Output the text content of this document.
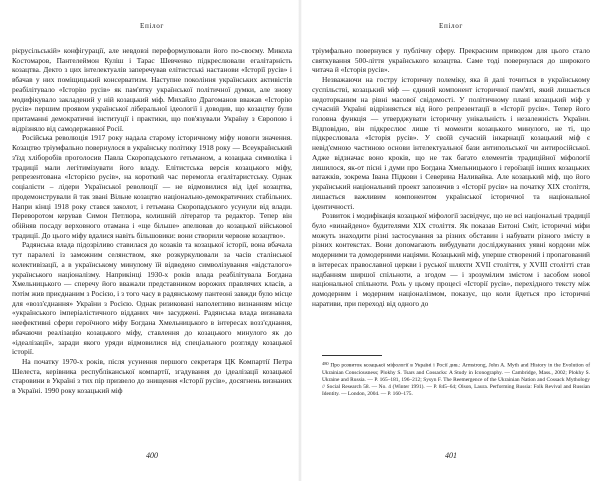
Епілог

рієрусільській» конфігурації, але невдовзі переформулювали його по-своєму. Микола Костомаров, Пантелеймон Куліш і Тарас Шевченко підкреслювали егалітарність козацтва. Декто з цих інтелектуалів заперечував елітистські настанови «Історії русів» і вбачав у них поміщицький консерватизм. Наступне покоління українських активістів реабілітувало «Історію русів» як пам'ятку української політичної думки, але зновy модифікувало закладений у ній козацький міф. Михайло Драгоманов вважав «Історію русів» першим проявом української ліберальної ідеології і доводив, що козацтву були притаманні демократичні інституції і практики, що пов'язували Україну з Європою і відрізняло від самодержавної Росії.

Російська революція 1917 року надала старому історичному міфу новоги значення. Козацтво тріумфально повернулося в українську політику 1918 року — Всеукраїнський з'їзд хліборобів проголосив Павла Скоропадського гетьманом, а козацька символіка і традиції мали легітимізувати його владу. Елітистська версія козацького міфу, репрезентована «Історією русів», на короткий час перемогла егалітаристську. Однак соціалісти – лідери Української революції — не відмовилися від ідеї козацтва, продемонстрували й так звані Вільне козацтво національно-демократичних стабільних. Напри кінці 1918 року стався заколот, і гетьмана Скоропадського усунули від влади. Переворотом керував Симон Петлюра, колишній літератор та редактор. Тепер він обійняв посаду верховного отамана і «ще більше» апелював до козацької військової традиції. До цього міфу вдалися навіть більшовики: вони створили червоне козацтво».

Радянська влада підозріливо ставилася до козаків та козацької історії, вона вбачала тут паралелі із заможним селянством, яке розкуркулювали за часів сталінської колективізації, а в українському минулому їй відведено символізування «відсталого» українського націоналізму. Наприкінці 1930-х років влада реабілітувала Богдана Хмельницького — сперечу його вважали представником ворожих правлячих класів, а потім жив приєднаним з Росією, і з того часу в радянському пантеоні завжди було місце для «возз'єднання» України з Росією. Однак ризиковані наполегливо визнанням місце «українського імперіалістичного відданих чи» засуджені. Радянська влада визнавала неефективні сфери героїчного міфу Богдана Хмельницького в інтересах возз'єднання, вбачаючи реалізацію козацького міфу, ставлення до козацького минулого як до «ідеалізації», заради якого уряди відмовилися від спеціального розгляду козацької історії.

На початку 1970-х років, після усунення першого секретаря ЦК Компартії Петра Шелеста, керівника республіканської компартії, згадування до ідеалізації козацької старовини в Україні з тих пір призвело до знищення «Історії русів», досягнень визнаних в Україні. 1990 року козацький міф

400
Епілог

тріумфально повернувся у публічну сферу. Прекрасним приводом для цього стало святкування 500-ліття українського козацтва. Саме тоді повернулася до широкого читача й «Історія русів».

Незважаючи на гостру історичну полеміку, яка й далі точиться в українському суспільстві, козацький міф — єдиний компонент історичної пам'яті, який лишається недоторканим на рівні масової свідомості. У політичному плані козацький міф у сучасній Україні відрізняється від його репрезентації в «Історії русів». Тепер його головна функція — утверджувати історичну унікальність і незалежність України. Відповідно, він підкреслює лише ті моменти козацького минулого, не ті, що підкреслювала «Історія русів». У своїй сучасній інкарнації козацький міф є невід'ємною частиною основи інтелектуальної бази антипольської чи антиросійської. Адже відзначає воно кроків, що не так багато елементів традиційної міфології лишилося, як-от пісні і думи про Богдана Хмельницького і героїзації інших козацьких ватажків, зокрема Івана Підкови і Северина Наливайка. Але козацький міф, що його український національний проект запозичив з «Історії русів» на початку XIX століття, лишається важливим компонентом української історичної та національної ідентичності.

Розвиток і модифікація козацької міфології засвідчує, що не всі національні традиції було «винайдено» будителями XIX століття. Як показав Ентоні Сміт, історичні міфи можуть знаходити різні застосування за різних обставин і набувати різного змісту в різних контекстах. Вони допомагають вибудувати досліджуваних уявні кордони між модерними та домодерними націями. Козацький міф, уперше створений і пропагований в інтересах православної церкви і руської шляхти XVII століття, у XVIII столітті став надбанням ширшої спільноти, а згодом — і зрозумілим змістом і засобом нової національної спільноти. Роль у цьому процесі «Історії русів», перехідного тексту між домодерним і модерним націоналізмом, показує, що коли йдеться про історичні наративи, при переході від одного до

$^{480}$ Про розвиток козацької міфології в Україні і Росії див.: Armstrong, John A. Myth and History in the Evolution of Ukrainian Consciousness; Plokhy S. Tsars and Cossacks: A Study in Iconography. — Cambridge, Mass., 2002; Plokhy S. Ukraine and Russia. — P. 165–181, 196–212; Sysyn F. The Reemergence of the Ukrainian Nation and Cossack Mythology // Social Research 58. — No. 4 (Winter 1991). — P. 845–64; Olson, Laura. Performing Russia: Folk Revival and Russian Identity. — London, 2004. — P. 160–175.
401
